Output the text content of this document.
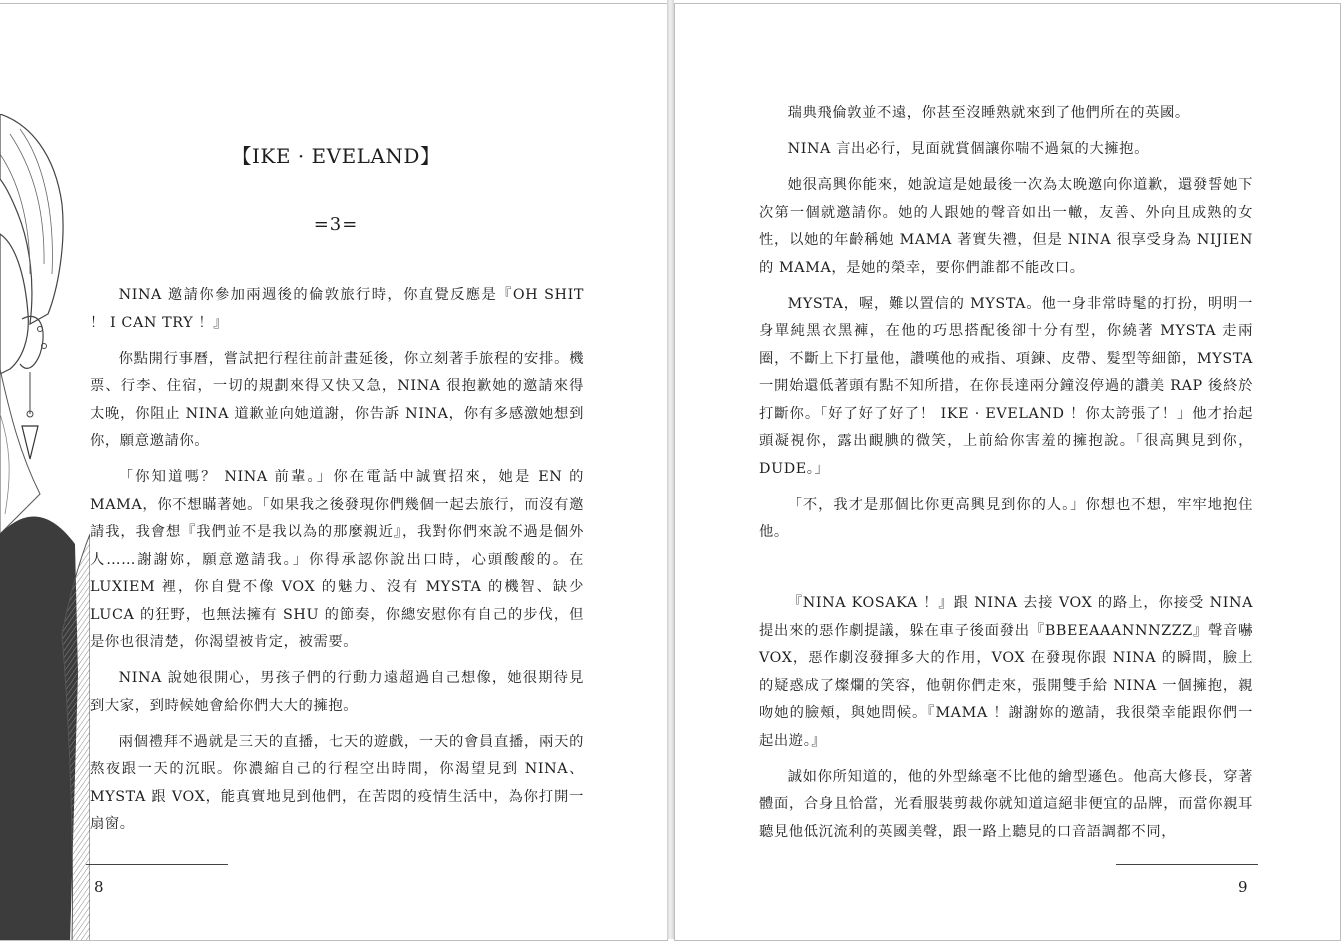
【IKE · EVELAND】
=3=

NINA 邀請你參加兩週後的倫敦旅行時，你直覺反應是『OH SHIT ！ I CAN TRY ！』

你點開行事曆，嘗試把行程往前計畫延後，你立刻著手旅程的安排。機票、行李、住宿，一切的規劃來得又快又急，NINA 很抱歉她的邀請來得太晚，你阻止 NINA 道歉並向她道謝，你告訴 NINA，你有多感激她想到你，願意邀請你。

「你知道嗎？ NINA 前輩。」你在電話中誠實招來，她是 EN 的 MAMA，你不想瞞著她。「如果我之後發現你們幾個一起去旅行，而沒有邀請我，我會想『我們並不是我以為的那麼親近』，我對你們來說不過是個外人……謝謝妳，願意邀請我。」你得承認你說出口時，心頭酸酸的。在 LUXIEM 裡，你自覺不像 VOX 的魅力、沒有 MYSTA 的機智、缺少 LUCA 的狂野，也無法擁有 SHU 的節奏，你總安慰你有自己的步伐，但是你也很清楚，你渴望被肯定，被需要。

NINA 說她很開心，男孩子們的行動力遠超過自己想像，她很期待見到大家，到時候她會給你們大大的擁抱。

兩個禮拜不過就是三天的直播，七天的遊戲，一天的會員直播，兩天的熬夜跟一天的沉眠。你濃縮自己的行程空出時間，你渴望見到 NINA、MYSTA 跟 VOX，能真實地見到他們，在苦悶的疫情生活中，為你打開一扇窗。

8

瑞典飛倫敦並不遠，你甚至沒睡熟就來到了他們所在的英國。

NINA 言出必行，見面就賞個讓你喘不過氣的大擁抱。

她很高興你能來，她說這是她最後一次為太晚邀向你道歉，還發誓她下次第一個就邀請你。她的人跟她的聲音如出一轍，友善、外向且成熟的女性，以她的年齡稱她 MAMA 著實失禮，但是 NINA 很享受身為 NIJIEN 的 MAMA，是她的榮幸，要你們誰都不能改口。

MYSTA，喔，難以置信的 MYSTA。他一身非常時髦的打扮，明明一身單純黑衣黑褲，在他的巧思搭配後卻十分有型，你繞著 MYSTA 走兩圈，不斷上下打量他，讚嘆他的戒指、項鍊、皮帶、髮型等細節，MYSTA 一開始還低著頭有點不知所措，在你長達兩分鐘沒停過的讚美 RAP 後終於打斷你。「好了好了好了！ IKE · EVELAND ！你太誇張了！」他才抬起頭凝視你，露出靦腆的微笑，上前給你害羞的擁抱說。「很高興見到你，DUDE。」

「不，我才是那個比你更高興見到你的人。」你想也不想，牢牢地抱住他。

『NINA KOSAKA ！』跟 NINA 去接 VOX 的路上，你接受 NINA 提出來的惡作劇提議，躲在車子後面發出『BBEEAAANNNZZZ』聲音嚇 VOX，惡作劇沒發揮多大的作用，VOX 在發現你跟 NINA 的瞬間，臉上的疑惑成了燦爛的笑容，他朝你們走來，張開雙手給 NINA 一個擁抱，親吻她的臉頰，與她問候。『MAMA ！謝謝妳的邀請，我很榮幸能跟你們一起出遊。』

誠如你所知道的，他的外型絲毫不比他的繪型遜色。他高大修長，穿著體面，合身且恰當，光看服裝剪裁你就知道這絕非便宜的品牌，而當你親耳聽見他低沉流利的英國美聲，跟一路上聽見的口音語調都不同，

9
